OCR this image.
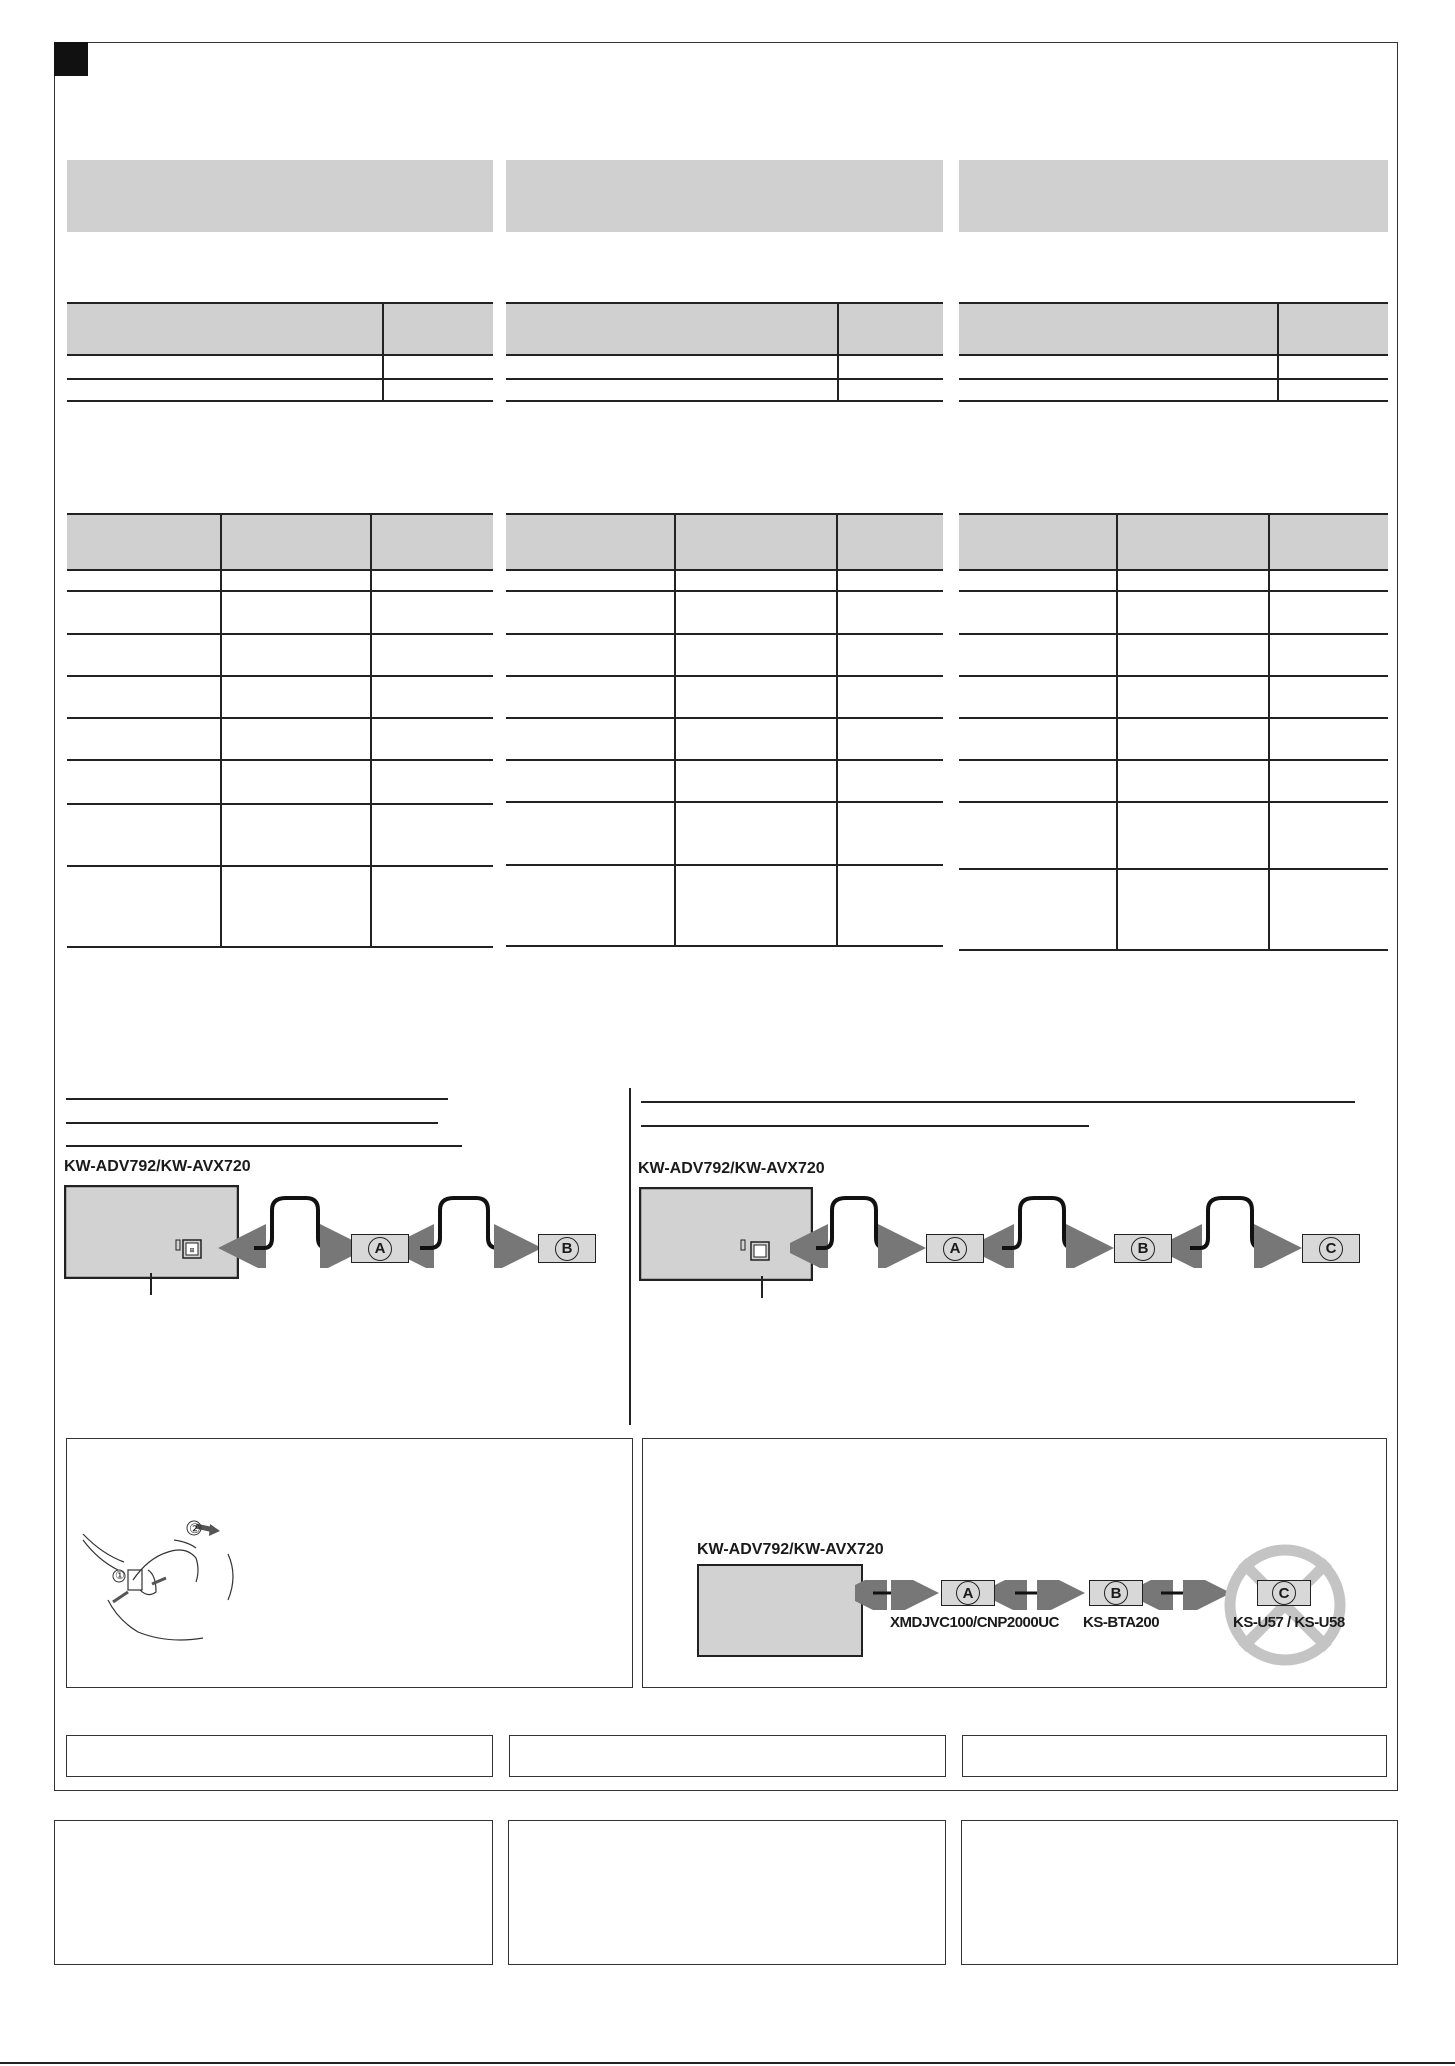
KW-ADV792/KW-AVX720
⊞	A	B
KW-ADV792/KW-AVX720
A	B	C
①
②
KW-ADV792/KW-AVX720
A
XMDJVC100/CNP2000UC
B
KS-BTA200
C
KS-U57 / KS-U58
